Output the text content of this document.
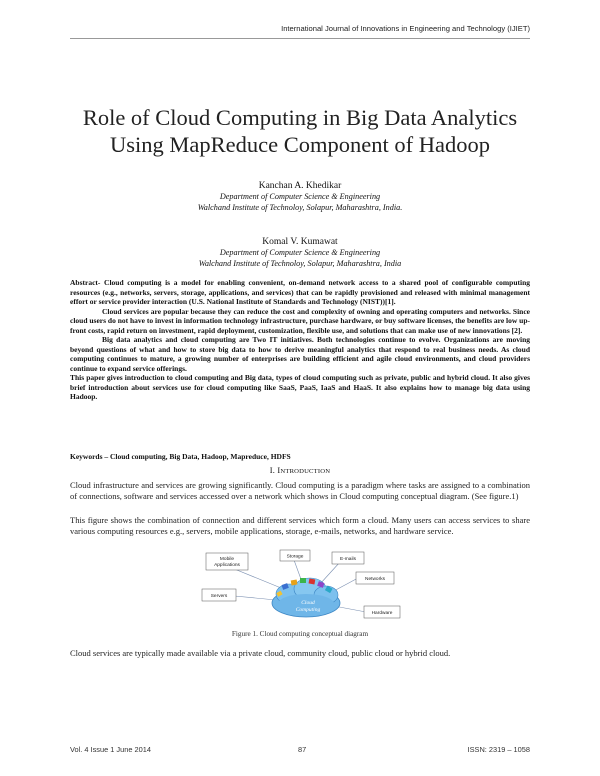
International Journal of Innovations in Engineering and Technology (IJIET)
Role of Cloud Computing in Big Data Analytics
Using MapReduce Component of Hadoop
Kanchan A. Khedikar
Department of Computer Science & Engineering
Walchand Institute of Technoloy, Solapur, Maharashtra, India.
Komal V. Kumawat
Department of Computer Science & Engineering
Walchand Institute of Technoloy, Solapur, Maharashtra, India

Abstract- Cloud computing is a model for enabling convenient, on-demand network access to a shared pool of configurable computing resources (e.g., networks, servers, storage, applications, and services) that can be rapidly provisioned and released with minimal management effort or service provider interaction (U.S. National Institute of Standards and Technology (NIST))[1].

Cloud services are popular because they can reduce the cost and complexity of owning and operating computers and networks. Since cloud users do not have to invest in information technology infrastructure, purchase hardware, or buy software licenses, the benefits are low up-front costs, rapid return on investment, rapid deployment, customization, flexible use, and solutions that can make use of new innovations [2].

Big data analytics and cloud computing are Two IT initiatives. Both technologies continue to evolve. Organizations are moving beyond questions of what and how to store big data to how to derive meaningful analytics that respond to real business needs. As cloud computing continues to mature, a growing number of enterprises are building efficient and agile cloud environments, and cloud providers continue to expand service offerings.

This paper gives introduction to cloud computing and Big data, types of cloud computing such as private, public and hybrid cloud. It also gives brief introduction about services use for cloud computing like SaaS, PaaS, IaaS and HaaS. It also explains how to manage big data using Hadoop.

Keywords – Cloud computing, Big Data, Hadoop, Mapreduce, HDFS
I. INTRODUCTION
Cloud infrastructure and services are growing significantly. Cloud computing is a paradigm where tasks are assigned to a combination of connections, software and services accessed over a network which shows in Cloud computing conceptual diagram. (See figure.1)
This figure shows the combination of connection and different services which form a cloud. Many users can access services to share various computing resources e.g., servers, mobile applications, storage, e-mails, networks, and hardware service.
Cloud
Computing
Mobile
Applications
Storage	E-mails
Networks
Servers
Hardware
Figure 1. Cloud computing conceptual diagram
Cloud services are typically made available via a private cloud, community cloud, public cloud or hybrid cloud.
Vol. 4 Issue 1 June 2014	87	ISSN: 2319 – 1058
